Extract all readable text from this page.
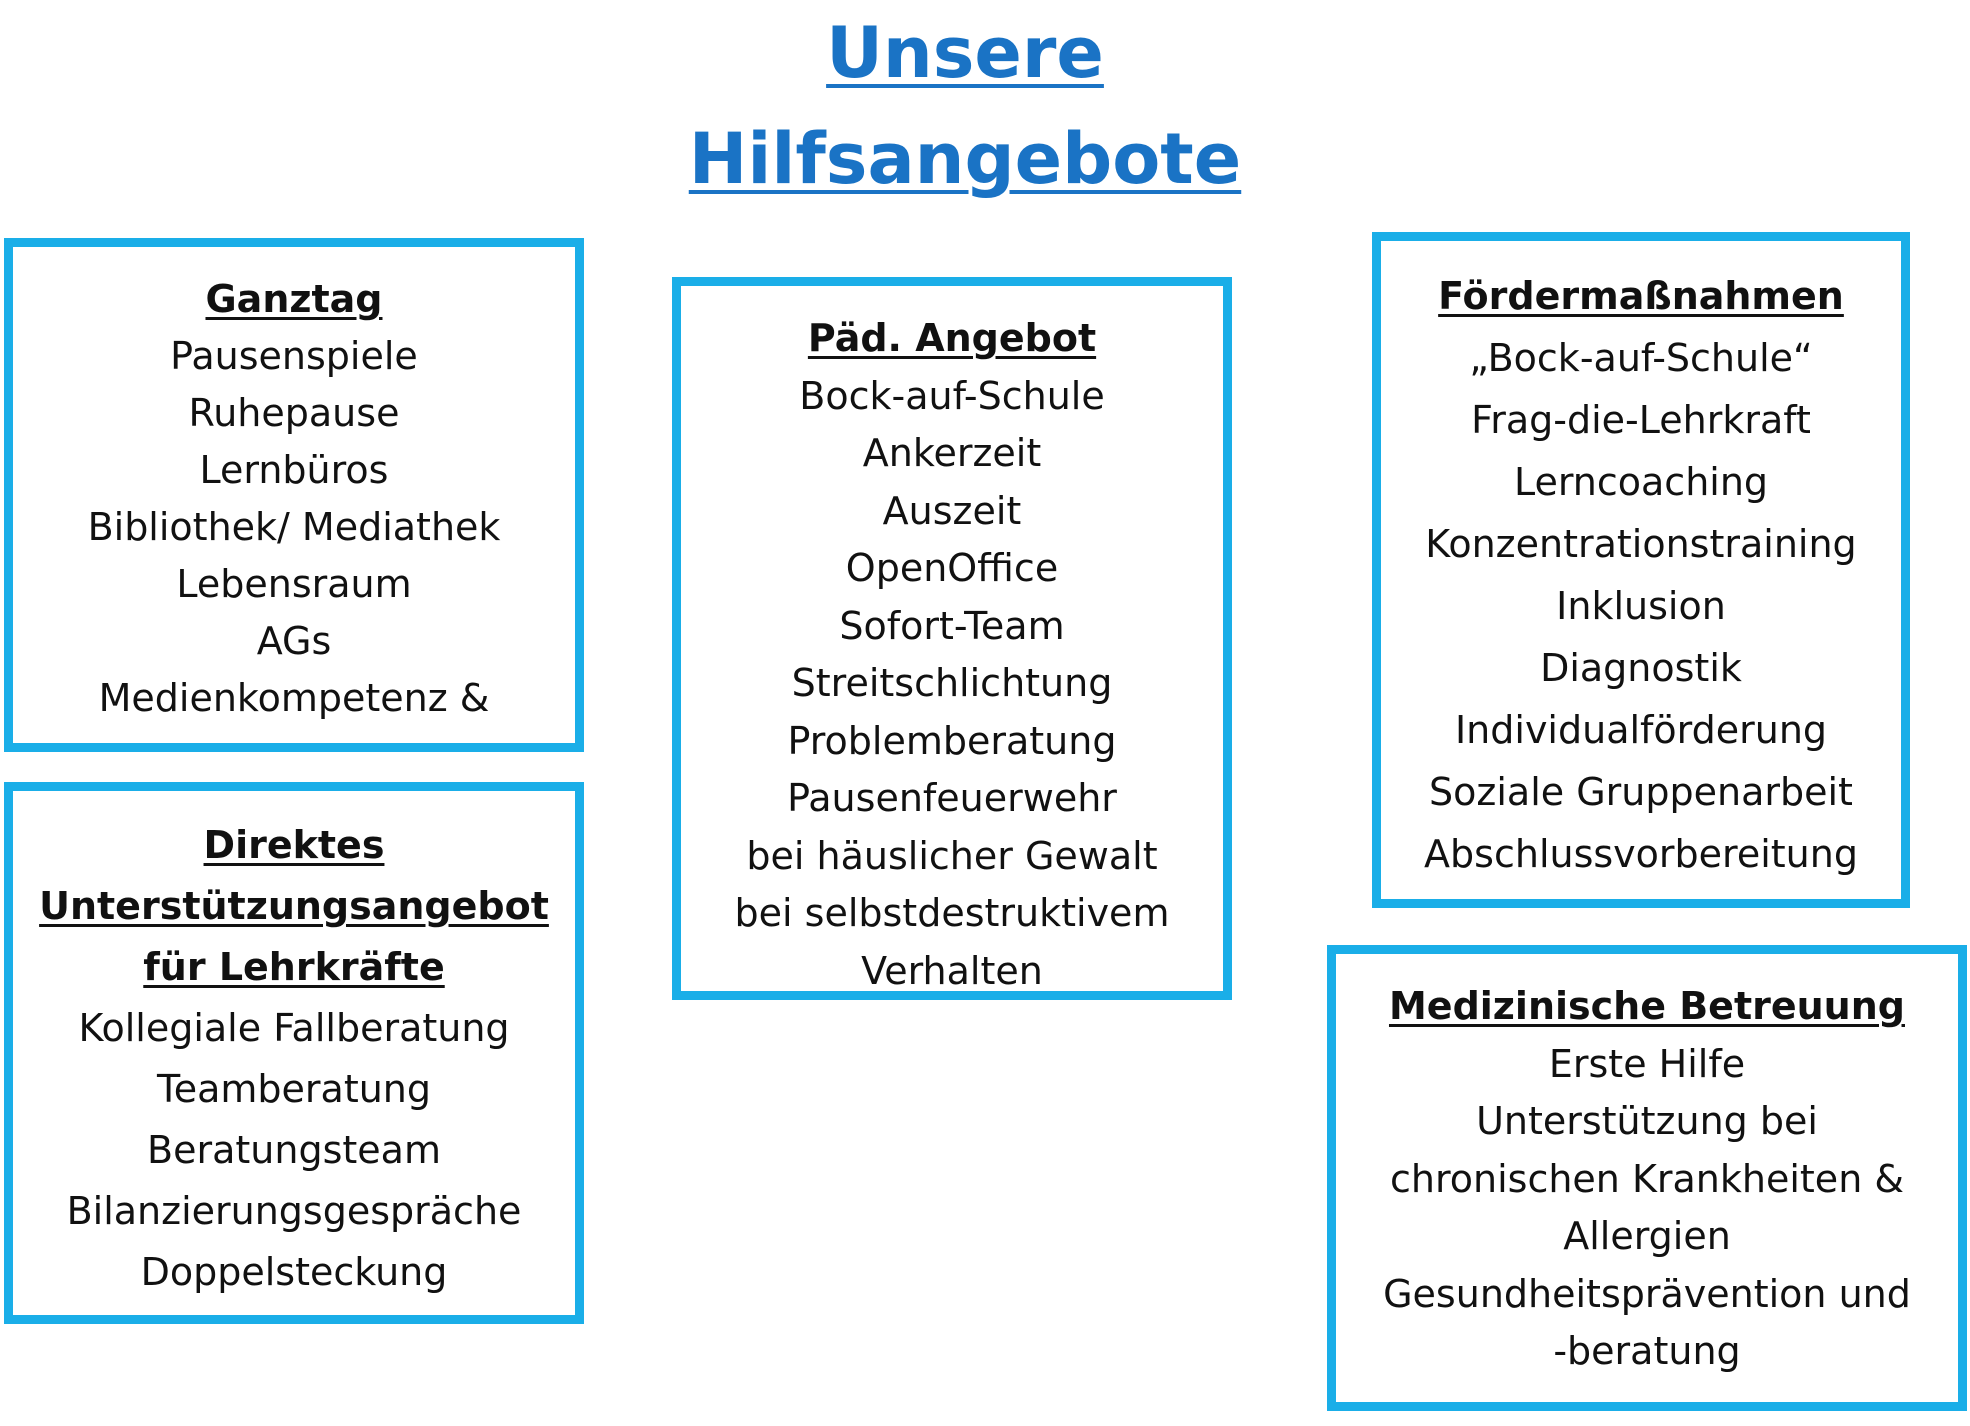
Unsere
Hilfsangebote
Ganztag
Pausenspiele
Ruhepause
Lernbüros
Bibliothek/ Mediathek
Lebensraum
AGs
Medienkompetenz &
Direktes
Unterstützungsangebot
für Lehrkräfte
Kollegiale Fallberatung
Teamberatung
Beratungsteam
Bilanzierungsgespräche
Doppelsteckung
Päd. Angebot
Bock-auf-Schule
Ankerzeit
Auszeit
OpenOffice
Sofort-Team
Streitschlichtung
Problemberatung
Pausenfeuerwehr
bei häuslicher Gewalt
bei selbstdestruktivem
Verhalten
Fördermaßnahmen
„Bock-auf-Schule“
Frag-die-Lehrkraft
Lerncoaching
Konzentrationstraining
Inklusion
Diagnostik
Individualförderung
Soziale Gruppenarbeit
Abschlussvorbereitung
Medizinische Betreuung
Erste Hilfe
Unterstützung bei
chronischen Krankheiten &
Allergien
Gesundheitsprävention und
-beratung
